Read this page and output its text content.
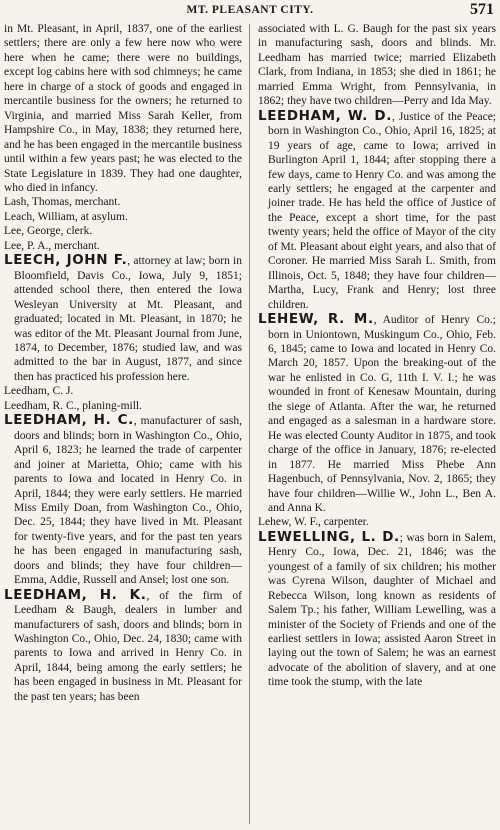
MT. PLEASANT CITY.	571

in Mt. Pleasant, in April, 1837, one of the earliest settlers; there are only a few here now who were here when he came; there were no buildings, except log cabins here with sod chimneys; he came here in charge of a stock of goods and engaged in mercantile business for the owners; he returned to Virginia, and married Miss Sarah Keller, from Hampshire Co., in May, 1838; they returned here, and he has been engaged in the mercantile business until within a few years past; he was elected to the State Legislature in 1839. They had one daughter, who died in infancy.

Lash, Thomas, merchant.

Leach, William, at asylum.

Lee, George, clerk.

Lee, P. A., merchant.

LEECH, JOHN F., attorney at law; born in Bloomfield, Davis Co., Iowa, July 9, 1851; attended school there, then entered the Iowa Wesleyan University at Mt. Pleasant, and graduated; located in Mt. Pleasant, in 1870; he was editor of the Mt. Pleasant Journal from June, 1874, to December, 1876; studied law, and was admitted to the bar in August, 1877, and since then has practiced his profession here.

Leedham, C. J.

Leedham, R. C., planing-mill.

LEEDHAM, H. C., manufacturer of sash, doors and blinds; born in Washington Co., Ohio, April 6, 1823; he learned the trade of carpenter and joiner at Marietta, Ohio; came with his parents to Iowa and located in Henry Co. in April, 1844; they were early settlers. He married Miss Emily Doan, from Washington Co., Ohio, Dec. 25, 1844; they have lived in Mt. Pleasant for twenty-five years, and for the past ten years he has been engaged in manufacturing sash, doors and blinds; they have four children—Emma, Addie, Russell and Ansel; lost one son.

LEEDHAM, H. K., of the firm of Leedham & Baugh, dealers in lumber and manufacturers of sash, doors and blinds; born in Washington Co., Ohio, Dec. 24, 1830; came with parents to Iowa and arrived in Henry Co. in April, 1844, being among the early settlers; he has been engaged in business in Mt. Pleasant for the past ten years; has been

associated with L. G. Baugh for the past six years in manufacturing sash, doors and blinds. Mr. Leedham has married twice; married Elizabeth Clark, from Indiana, in 1853; she died in 1861; he married Emma Wright, from Pennsylvania, in 1862; they have two children—Perry and Ida May.

LEEDHAM, W. D., Justice of the Peace; born in Washington Co., Ohio, April 16, 1825; at 19 years of age, came to Iowa; arrived in Burlington April 1, 1844; after stopping there a few days, came to Henry Co. and was among the early settlers; he engaged at the carpenter and joiner trade. He has held the office of Justice of the Peace, except a short time, for the past twenty years; held the office of Mayor of the city of Mt. Pleasant about eight years, and also that of Coroner. He married Miss Sarah L. Smith, from Illinois, Oct. 5, 1848; they have four children—Martha, Lucy, Frank and Henry; lost three children.

LEHEW, R. M., Auditor of Henry Co.; born in Uniontown, Muskingum Co., Ohio, Feb. 6, 1845; came to Iowa and located in Henry Co. March 20, 1857. Upon the breaking-out of the war he enlisted in Co. G, 11th I. V. I.; he was wounded in front of Kenesaw Mountain, during the siege of Atlanta. After the war, he returned and engaged as a salesman in a hardware store. He was elected County Auditor in 1875, and took charge of the office in January, 1876; re-elected in 1877. He married Miss Phebe Ann Hagenbuch, of Pennsylvania, Nov. 2, 1865; they have four children—Willie W., John L., Ben A. and Anna K.

Lehew, W. F., carpenter.

LEWELLING, L. D.; was born in Salem, Henry Co., Iowa, Dec. 21, 1846; was the youngest of a family of six children; his mother was Cyrena Wilson, daughter of Michael and Rebecca Wilson, long known as residents of Salem Tp.; his father, William Lewelling, was a minister of the Society of Friends and one of the earliest settlers in Iowa; assisted Aaron Street in laying out the town of Salem; he was an earnest advocate of the abolition of slavery, and at one time took the stump, with the late
